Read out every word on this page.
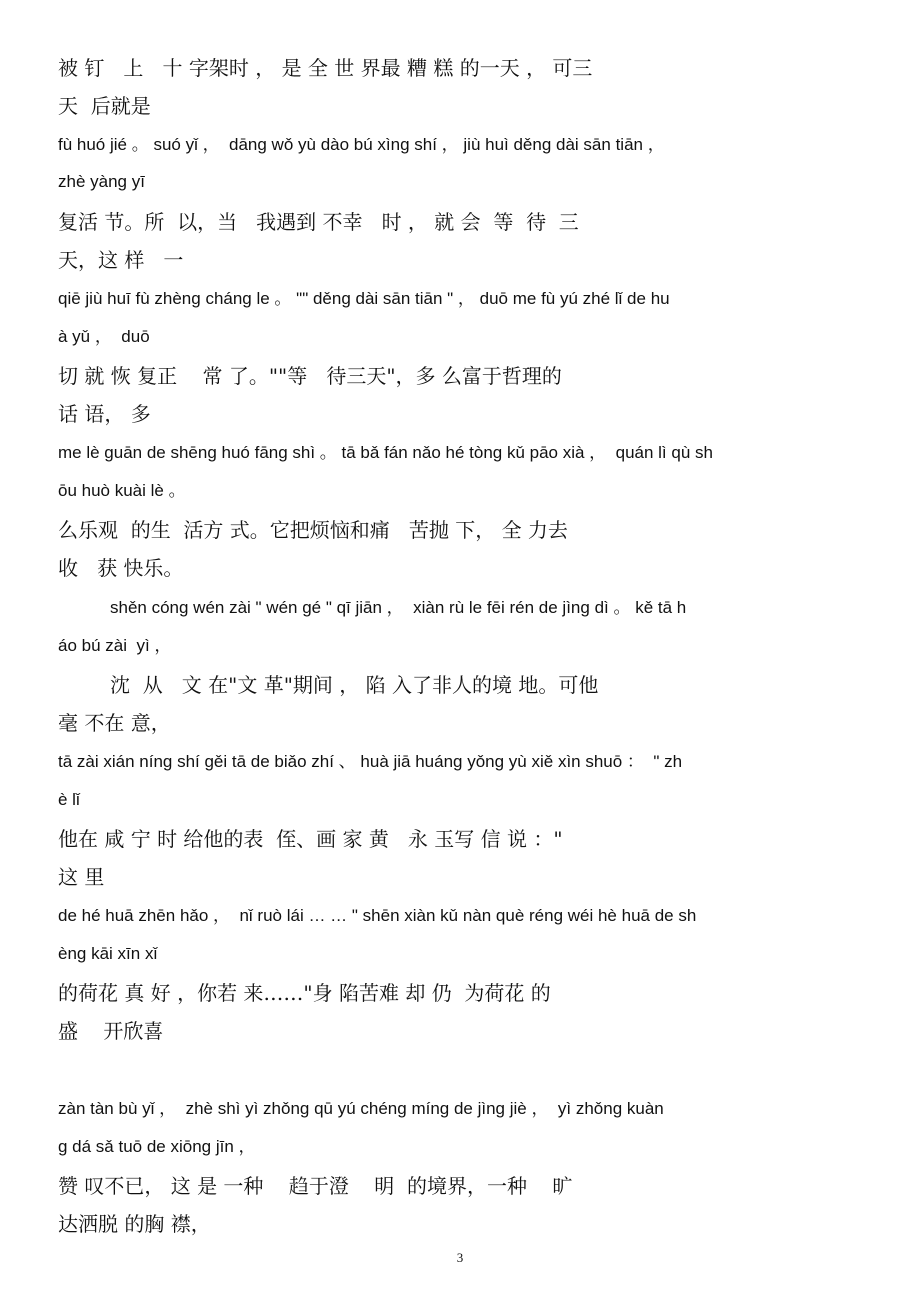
被 钉   上   十 字架时 ， 是 全 世 界最 糟 糕 的一天 ， 可三
天  后就是
fù huó jié 。 suó yǐ ，  dāng wǒ yù dào bú xìng shí ， jiù huì děng dài sān tiān ，
zhè yàng yī
复活 节。所  以，当   我遇到 不幸   时 ， 就 会  等  待  三
天，这 样   一
qiē jiù huī fù zhèng cháng le 。 "" děng dài sān tiān " ， duō me fù yú zhé lǐ de hu
à yǔ ，  duō
切 就 恢 复正    常 了。""等   待三天"，多 么富于哲理的
话 语， 多
me lè guān de shēng huó fāng shì 。 tā bǎ fán nǎo hé tòng kǔ pāo xià ，  quán lì qù sh
ōu huò kuài lè 。
么乐观  的生  活方 式。它把烦恼和痛   苦抛 下， 全 力去
收   获 快乐。
shěn cóng wén zài " wén gé " qī jiān ，  xiàn rù le fēi rén de jìng dì 。 kě tā h
áo bú zài  yì ，
沈  从   文 在"文 革"期间 ， 陷 入了非人的境 地。可他
毫 不在 意，
tā zài xián níng shí gěi tā de biǎo zhí 、 huà jiā huáng yǒng yù xiě xìn shuō ：  " zh
è lǐ
他在 咸 宁 时 给他的表  侄、画 家 黄   永 玉写 信 说 ："
这 里
de hé huā zhēn hǎo ，  nǐ ruò lái … … " shēn xiàn kǔ nàn què réng wéi hè huā de sh
èng kāi xīn xǐ
的荷花 真 好 ，你若 来……"身 陷苦难 却 仍  为荷花 的
盛    开欣喜
zàn tàn bù yǐ ，  zhè shì yì zhǒng qū yú chéng míng de jìng jiè ，  yì zhǒng kuàn
g dá sǎ tuō de xiōng jīn ，
赞 叹不已， 这 是 一种    趋于澄    明  的境界，一种    旷
达洒脱 的胸 襟，
3
